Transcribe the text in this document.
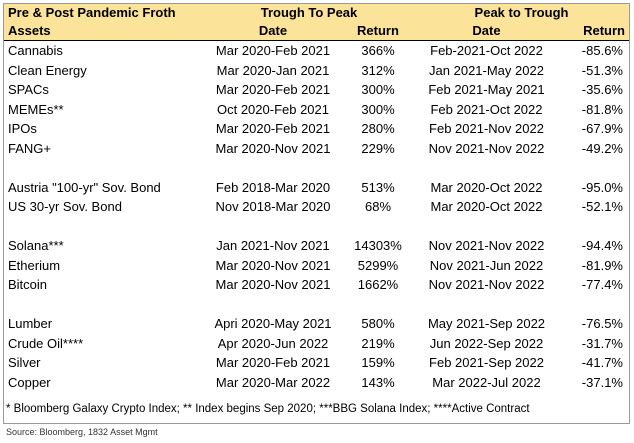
Pre & Post Pandemic Froth	Trough To Peak		Peak to Trough	
Assets	Date	Return	Date	Return
Cannabis	Mar 2020-Feb 2021	366%	Feb-2021-Oct 2022	-85.6%
Clean Energy	Mar 2020-Jan 2021	312%	Jan 2021-May 2022	-51.3%
SPACs	Mar 2020-Feb 2021	300%	Feb 2021-May 2021	-35.6%
MEMEs**	Oct 2020-Feb 2021	300%	Feb 2021-Oct 2022	-81.8%
IPOs	Mar 2020-Feb 2021	280%	Feb 2021-Nov 2022	-67.9%
FANG+	Mar 2020-Nov 2021	229%	Nov 2021-Nov 2022	-49.2%

Austria "100-yr" Sov. Bond	Feb 2018-Mar 2020	513%	Mar 2020-Oct 2022	-95.0%
US 30-yr Sov. Bond	Nov 2018-Mar 2020	68%	Mar 2020-Oct 2022	-52.1%

Solana***	Jan 2021-Nov 2021	14303%	Nov 2021-Nov 2022	-94.4%
Etherium	Mar 2020-Nov 2021	5299%	Nov 2021-Jun 2022	-81.9%
Bitcoin	Mar 2020-Nov 2021	1662%	Nov 2021-Nov 2022	-77.4%

Lumber	Apri 2020-May 2021	580%	May 2021-Sep 2022	-76.5%
Crude Oil****	Apr 2020-Jun 2022	219%	Jun 2022-Sep 2022	-31.7%
Silver	Mar 2020-Feb 2021	159%	Feb 2021-Sep 2022	-41.7%
Copper	Mar 2020-Mar 2022	143%	Mar 2022-Jul 2022	-37.1%
* Bloomberg Galaxy Crypto Index; ** Index begins Sep 2020; ***BBG Solana Index; ****Active Contract
Source: Bloomberg, 1832 Asset Mgmt
